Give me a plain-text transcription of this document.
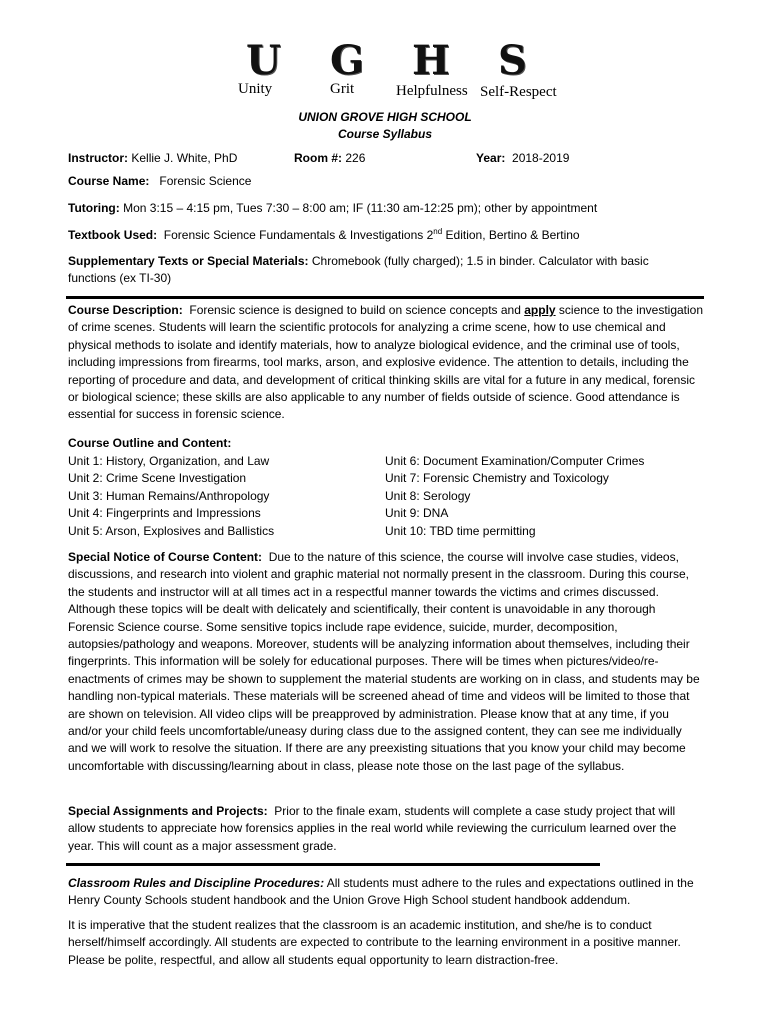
U G H S
Unity	Grit	Helpfulness Self-Respect
UNION GROVE HIGH SCHOOL
Course Syllabus
Instructor: Kellie J. White, PhD	Room #: 226	Year: 2018-2019
Course Name: Forensic Science
Tutoring: Mon 3:15 – 4:15 pm, Tues 7:30 – 8:00 am; IF (11:30 am-12:25 pm); other by appointment
Textbook Used: Forensic Science Fundamentals & Investigations 2nd Edition, Bertino & Bertino
Supplementary Texts or Special Materials: Chromebook (fully charged); 1.5 in binder. Calculator with basic
functions (ex TI-30)
Course Description: Forensic science is designed to build on science concepts and apply science to the investigation of crime scenes. Students will learn the scientific protocols for analyzing a crime scene, how to use chemical and physical methods to isolate and identify materials, how to analyze biological evidence, and the criminal use of tools, including impressions from firearms, tool marks, arson, and explosive evidence. The attention to details, including the reporting of procedure and data, and development of critical thinking skills are vital for a future in any medical, forensic or biological science; these skills are also applicable to any number of fields outside of science. Good attendance is essential for success in forensic science.
Course Outline and Content:
Unit 1: History, Organization, and Law
Unit 2: Crime Scene Investigation
Unit 3: Human Remains/Anthropology
Unit 4: Fingerprints and Impressions
Unit 5: Arson, Explosives and Ballistics
Unit 6: Document Examination/Computer Crimes
Unit 7: Forensic Chemistry and Toxicology
Unit 8: Serology
Unit 9: DNA
Unit 10: TBD time permitting
Special Notice of Course Content: Due to the nature of this science, the course will involve case studies, videos, discussions, and research into violent and graphic material not normally present in the classroom. During this course, the students and instructor will at all times act in a respectful manner towards the victims and crimes discussed. Although these topics will be dealt with delicately and scientifically, their content is unavoidable in any thorough Forensic Science course. Some sensitive topics include rape evidence, suicide, murder, decomposition, autopsies/pathology and weapons. Moreover, students will be analyzing information about themselves, including their fingerprints. This information will be solely for educational purposes. There will be times when pictures/video/re-enactments of crimes may be shown to supplement the material students are working on in class, and students may be handling non-typical materials. These materials will be screened ahead of time and videos will be limited to those that are shown on television. All video clips will be preapproved by administration. Please know that at any time, if you and/or your child feels uncomfortable/uneasy during class due to the assigned content, they can see me individually and we will work to resolve the situation. If there are any preexisting situations that you know your child may become uncomfortable with discussing/learning about in class, please note those on the last page of the syllabus.
Special Assignments and Projects: Prior to the finale exam, students will complete a case study project that will allow students to appreciate how forensics applies in the real world while reviewing the curriculum learned over the year. This will count as a major assessment grade.
Classroom Rules and Discipline Procedures: All students must adhere to the rules and expectations outlined in the Henry County Schools student handbook and the Union Grove High School student handbook addendum.
It is imperative that the student realizes that the classroom is an academic institution, and she/he is to conduct herself/himself accordingly. All students are expected to contribute to the learning environment in a positive manner. Please be polite, respectful, and allow all students equal opportunity to learn distraction-free.
